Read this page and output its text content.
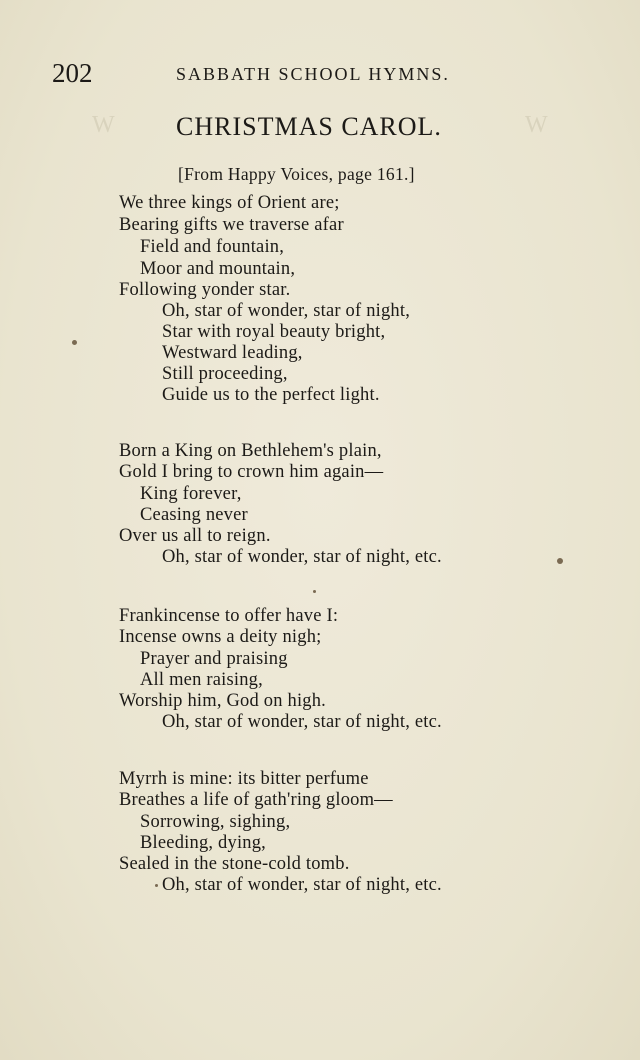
W	W
202	SABBATH SCHOOL HYMNS.
CHRISTMAS CAROL.
[From Happy Voices, page 161.]
We three kings of Orient are;
Bearing gifts we traverse afar
Field and fountain,
Moor and mountain,
Following yonder star.
Oh, star of wonder, star of night,
Star with royal beauty bright,
Westward leading,
Still proceeding,
Guide us to the perfect light.
Born a King on Bethlehem's plain,
Gold I bring to crown him again—
King forever,
Ceasing never
Over us all to reign.
Oh, star of wonder, star of night, etc.
Frankincense to offer have I:
Incense owns a deity nigh;
Prayer and praising
All men raising,
Worship him, God on high.
Oh, star of wonder, star of night, etc.
Myrrh is mine: its bitter perfume
Breathes a life of gath'ring gloom—
Sorrowing, sighing,
Bleeding, dying,
Sealed in the stone-cold tomb.
Oh, star of wonder, star of night, etc.
